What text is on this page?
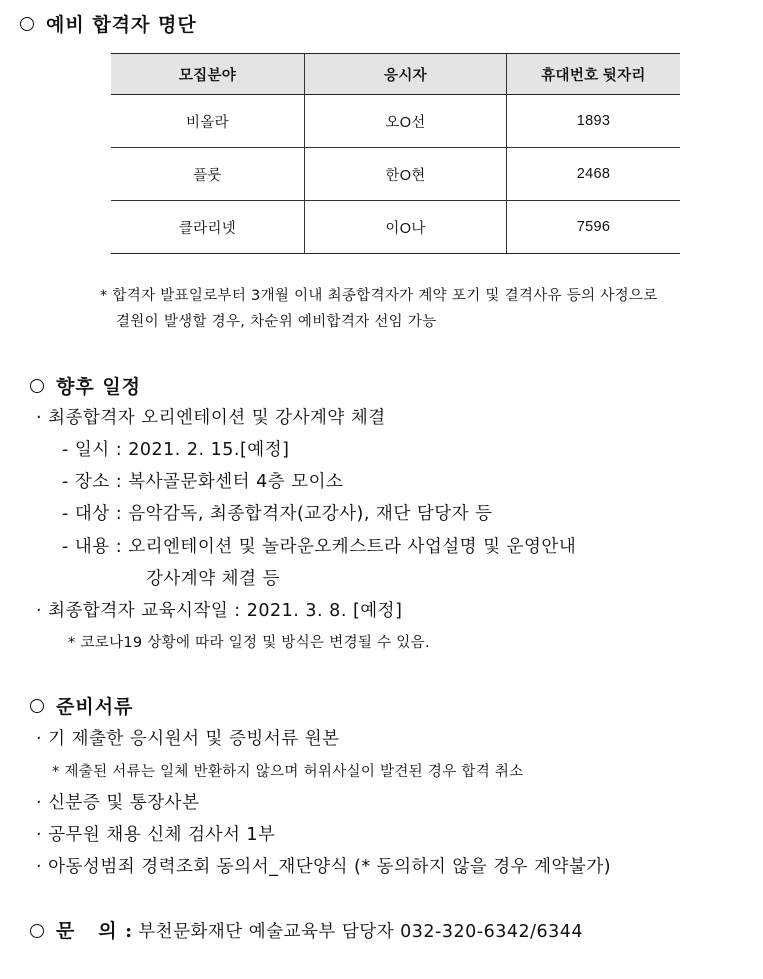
예비 합격자 명단
모집분야	응시자	휴대번호 뒷자리
비올라	오O선	1893
플룻	한O현	2468
클라리넷	이O나	7596
* 합격자 발표일로부터 3개월 이내 최종합격자가 계약 포기 및 결격사유 등의 사정으로
결원이 발생할 경우, 차순위 예비합격자 선임 가능
향후 일정
· 최종합격자 오리엔테이션 및 강사계약 체결
- 일시 : 2021. 2. 15.[예정]
- 장소 : 복사골문화센터 4층 모이소
- 대상 : 음악감독, 최종합격자(교강사), 재단 담당자 등
- 내용 : 오리엔테이션 및 놀라운오케스트라 사업설명 및 운영안내
강사계약 체결 등
· 최종합격자 교육시작일 : 2021. 3. 8. [예정]
* 코로나19 상황에 따라 일정 및 방식은 변경될 수 있음.
준비서류
· 기 제출한 응시원서 및 증빙서류 원본
* 제출된 서류는 일체 반환하지 않으며 허위사실이 발견된 경우 합격 취소
· 신분증 및 통장사본
· 공무원 채용 신체 검사서 1부
· 아동성범죄 경력조회 동의서_재단양식 (* 동의하지 않을 경우 계약불가)
문   의 : 부천문화재단 예술교육부 담당자 032-320-6342/6344
